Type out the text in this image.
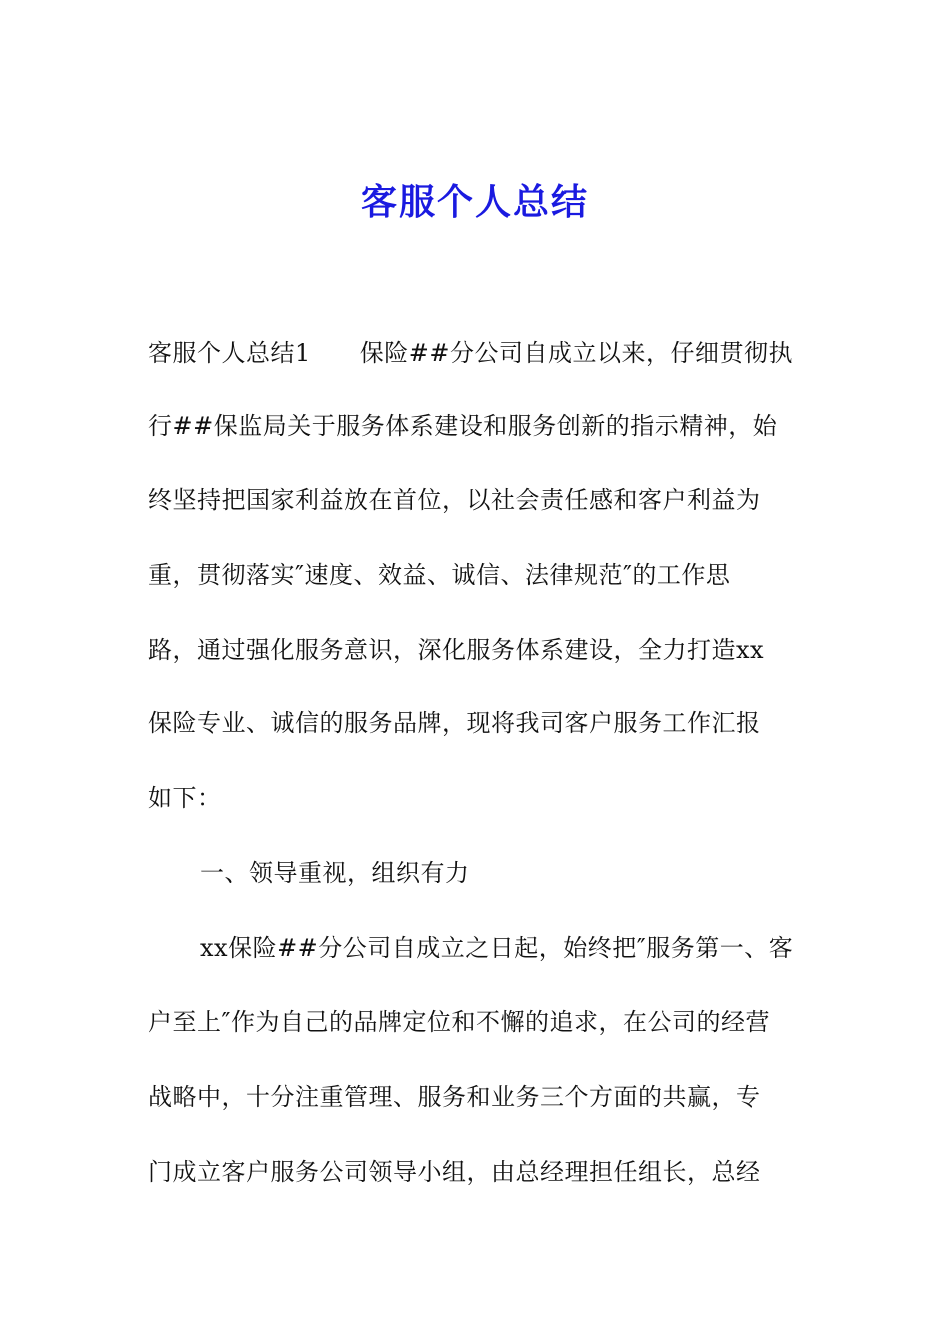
客服个人总结
客服个人总结1　　保险##分公司自成立以来，仔细贯彻执
行##保监局关于服务体系建设和服务创新的指示精神，始
终坚持把国家利益放在首位，以社会责任感和客户利益为
重，贯彻落实″速度、效益、诚信、法律规范″的工作思
路，通过强化服务意识，深化服务体系建设，全力打造xx
保险专业、诚信的服务品牌，现将我司客户服务工作汇报
如下：
一、领导重视，组织有力
xx保险##分公司自成立之日起，始终把″服务第一、客
户至上″作为自己的品牌定位和不懈的追求，在公司的经营
战略中，十分注重管理、服务和业务三个方面的共赢，专
门成立客户服务公司领导小组，由总经理担任组长，总经
